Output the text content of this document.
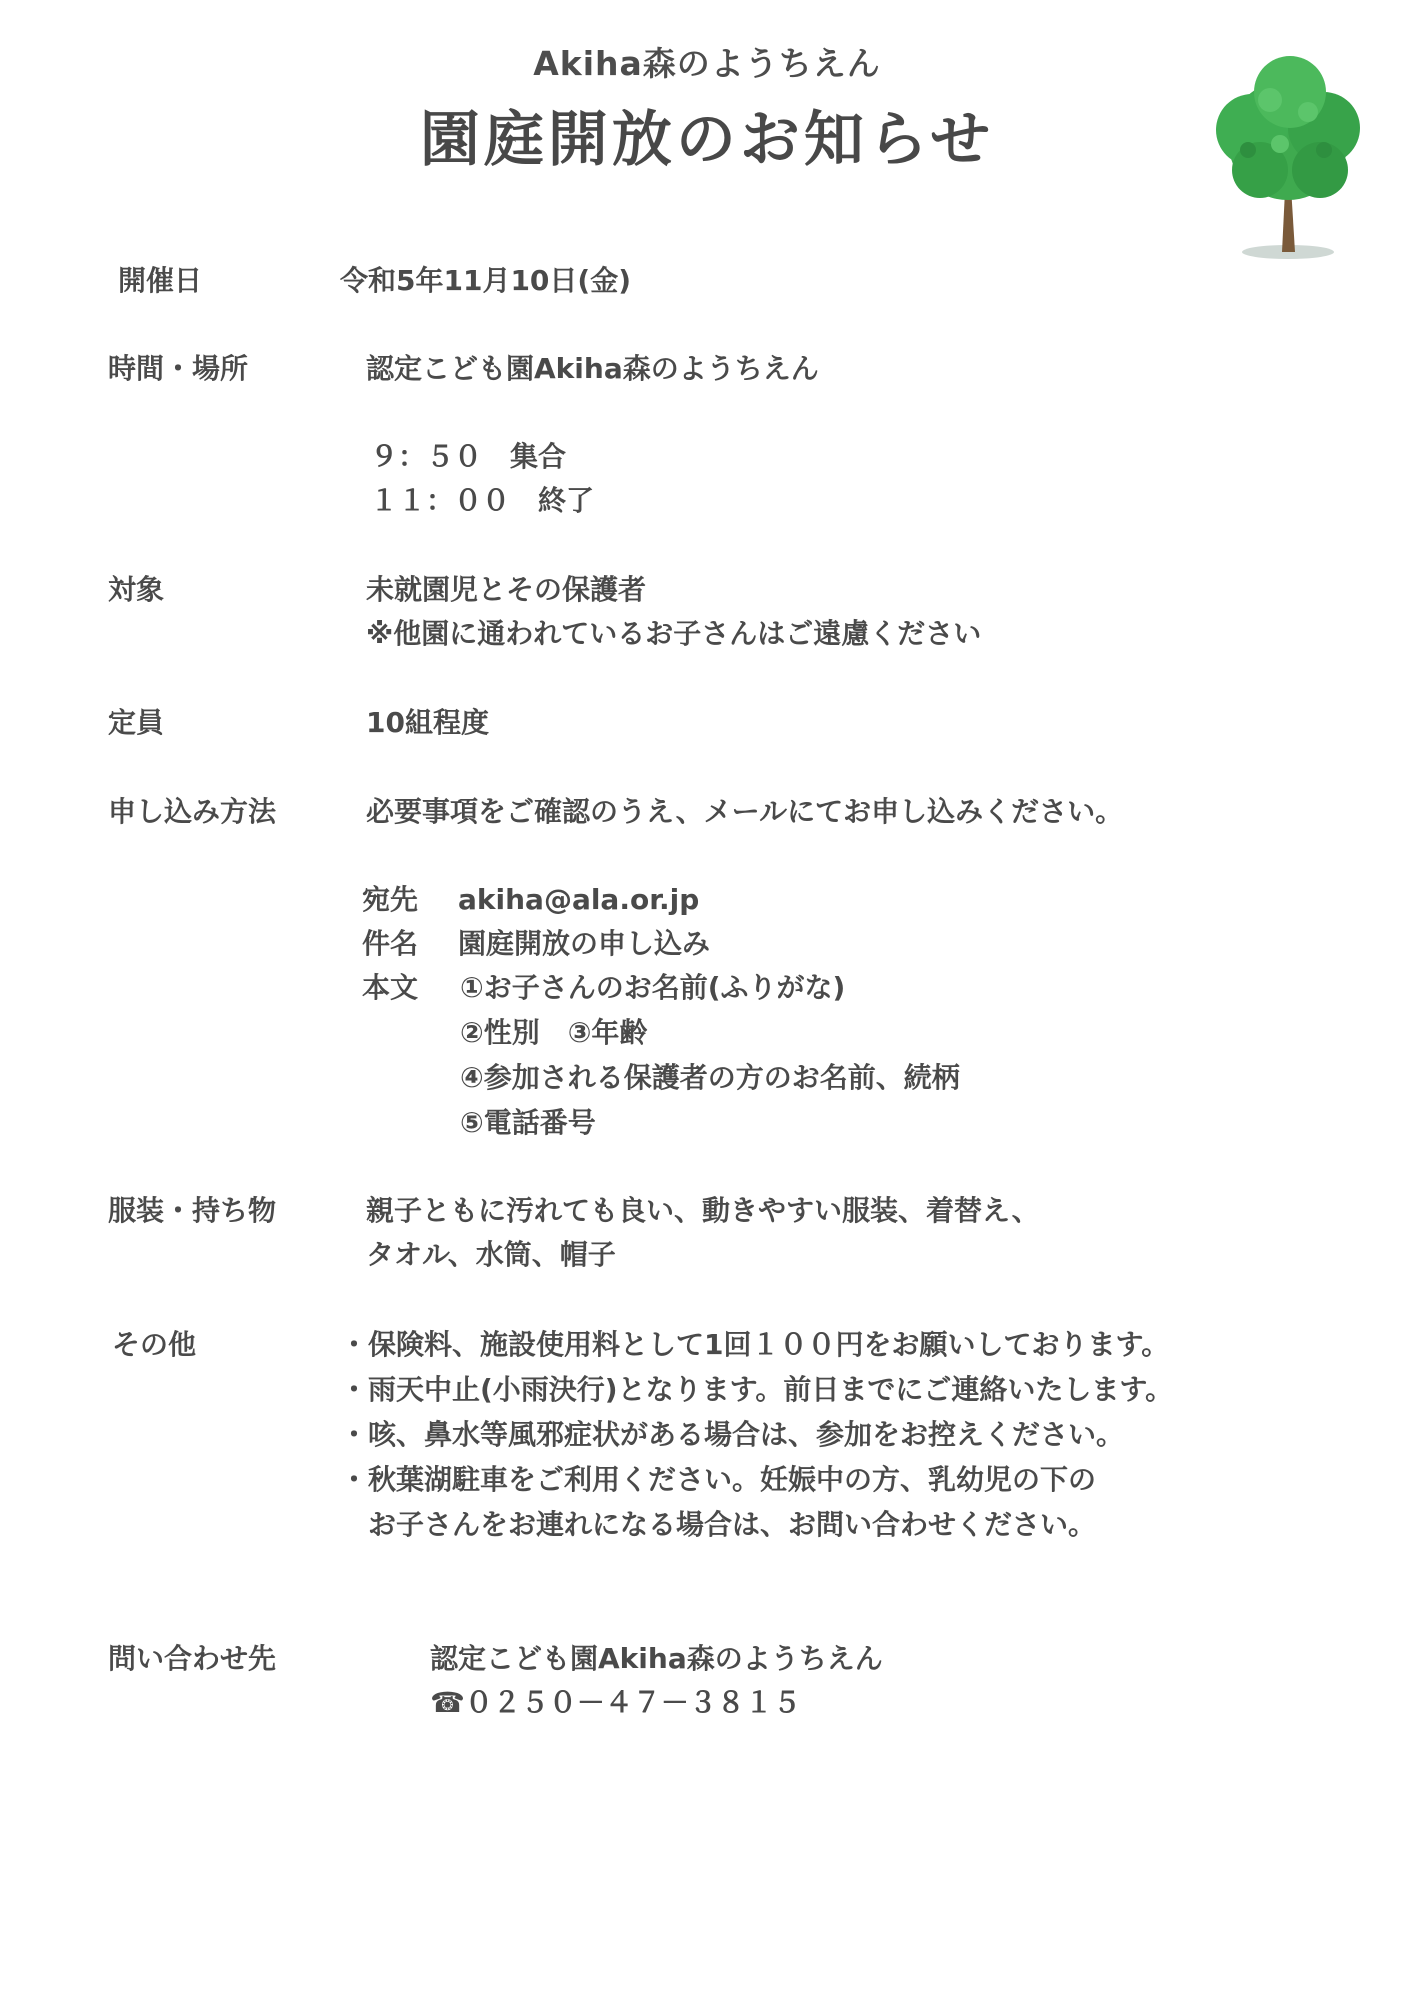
Akiha森のようちえん
園庭開放のお知らせ
開催日	令和5年11月10日(金)
時間・場所	認定こども園Akiha森のようちえん
９：５０　集合
１１：００　終了
対象	未就園児とその保護者
※他園に通われているお子さんはご遠慮ください
定員	10組程度
申し込み方法	必要事項をご確認のうえ、メールにてお申し込みください。
宛先 akiha@ala.or.jp
件名 園庭開放の申し込み
本文 ①お子さんのお名前(ふりがな)
②性別　③年齢
④参加される保護者の方のお名前、続柄
⑤電話番号
服装・持ち物	親子ともに汚れても良い、動きやすい服装、着替え、
タオル、水筒、帽子
その他	・保険料、施設使用料として1回１００円をお願いしております。
・雨天中止(小雨決行)となります。前日までにご連絡いたします。
・咳、鼻水等風邪症状がある場合は、参加をお控えください。
・秋葉湖駐車をご利用ください。妊娠中の方、乳幼児の下の
　お子さんをお連れになる場合は、お問い合わせください。
問い合わせ先	認定こども園Akiha森のようちえん
☎０２５０－４７－３８１５
